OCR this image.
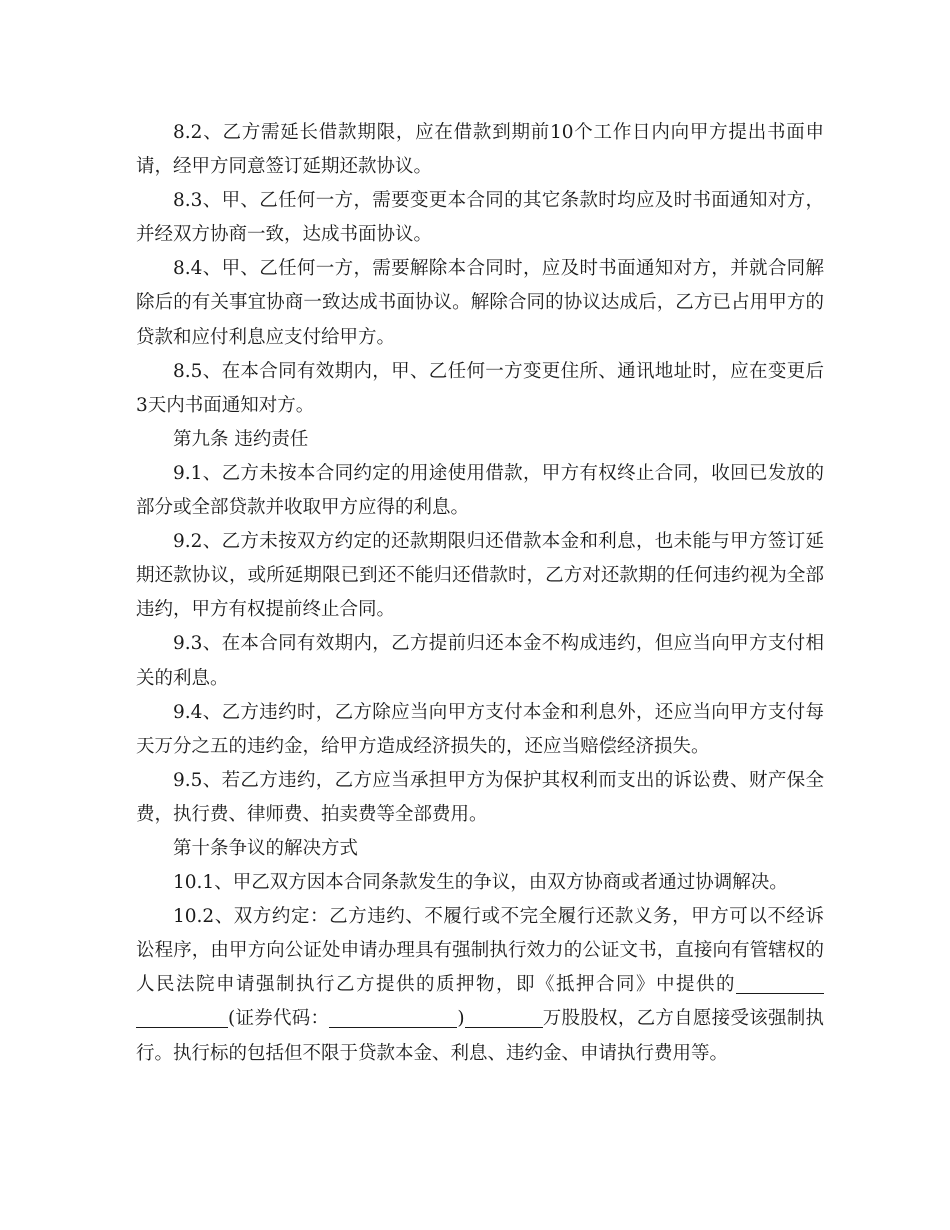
8.2、乙方需延长借款期限，应在借款到期前10个工作日内向甲方提出书面申请，经甲方同意签订延期还款协议。

8.3、甲、乙任何一方，需要变更本合同的其它条款时均应及时书面通知对方，并经双方协商一致，达成书面协议。

8.4、甲、乙任何一方，需要解除本合同时，应及时书面通知对方，并就合同解除后的有关事宜协商一致达成书面协议。解除合同的协议达成后，乙方已占用甲方的贷款和应付利息应支付给甲方。

8.5、在本合同有效期内，甲、乙任何一方变更住所、通讯地址时，应在变更后3天内书面通知对方。

第九条 违约责任

9.1、乙方未按本合同约定的用途使用借款，甲方有权终止合同，收回已发放的部分或全部贷款并收取甲方应得的利息。

9.2、乙方未按双方约定的还款期限归还借款本金和利息，也未能与甲方签订延期还款协议，或所延期限已到还不能归还借款时，乙方对还款期的任何违约视为全部违约，甲方有权提前终止合同。

9.3、在本合同有效期内，乙方提前归还本金不构成违约，但应当向甲方支付相关的利息。

9.4、乙方违约时，乙方除应当向甲方支付本金和利息外，还应当向甲方支付每天万分之五的违约金，给甲方造成经济损失的，还应当赔偿经济损失。

9.5、若乙方违约，乙方应当承担甲方为保护其权利而支出的诉讼费、财产保全费，执行费、律师费、拍卖费等全部费用。

第十条争议的解决方式

10.1、甲乙双方因本合同条款发生的争议，由双方协商或者通过协调解决。

10.2、双方约定：乙方违约、不履行或不完全履行还款义务，甲方可以不经诉讼程序，由甲方向公证处申请办理具有强制执行效力的公证文书，直接向有管辖权的人民法院申请强制执行乙方提供的质押物，即《抵押合同》中提供的(证券代码：	)	万股股权，乙方自愿接受该强制执行。执行标的包括但不限于贷款本金、利息、违约金、申请执行费用等。
